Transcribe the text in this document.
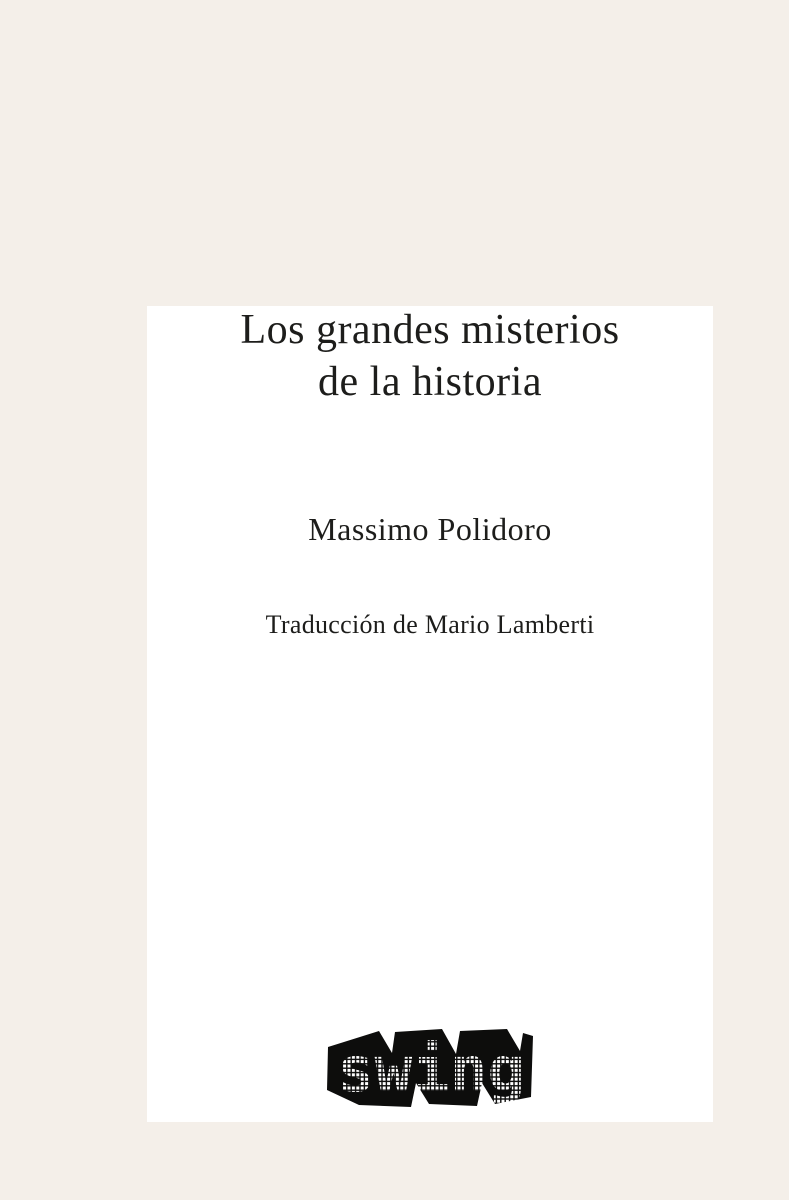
Los grandes misterios
de la historia
Massimo Polidoro
Traducción de Mario Lamberti
swing
